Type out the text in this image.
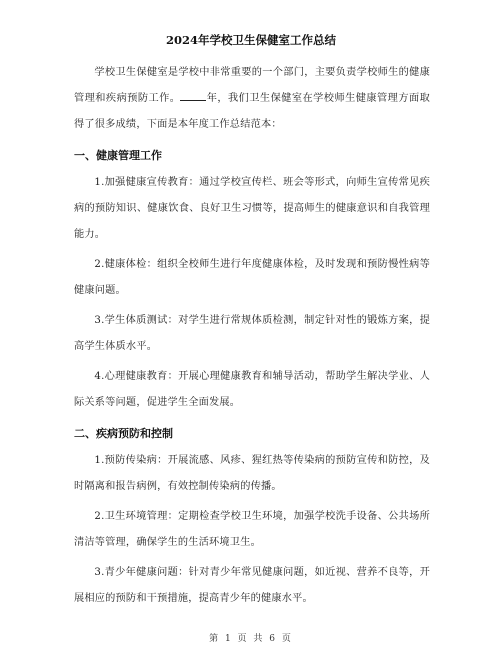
2024年学校卫生保健室工作总结

学校卫生保健室是学校中非常重要的一个部门，主要负责学校师生的健康管理和疾病预防工作。	年，我们卫生保健室在学校师生健康管理方面取得了很多成绩，下面是本年度工作总结范本：

一、健康管理工作

1.加强健康宣传教育：通过学校宣传栏、班会等形式，向师生宣传常见疾病的预防知识、健康饮食、良好卫生习惯等，提高师生的健康意识和自我管理能力。

2.健康体检：组织全校师生进行年度健康体检，及时发现和预防慢性病等健康问题。

3.学生体质测试：对学生进行常规体质检测，制定针对性的锻炼方案，提高学生体质水平。

4.心理健康教育：开展心理健康教育和辅导活动，帮助学生解决学业、人际关系等问题，促进学生全面发展。

二、疾病预防和控制

1.预防传染病：开展流感、风疹、猩红热等传染病的预防宣传和防控，及时隔离和报告病例，有效控制传染病的传播。

2.卫生环境管理：定期检查学校卫生环境，加强学校洗手设备、公共场所清洁等管理，确保学生的生活环境卫生。

3.青少年健康问题：针对青少年常见健康问题，如近视、营养不良等，开展相应的预防和干预措施，提高青少年的健康水平。

第 1 页 共 6 页
